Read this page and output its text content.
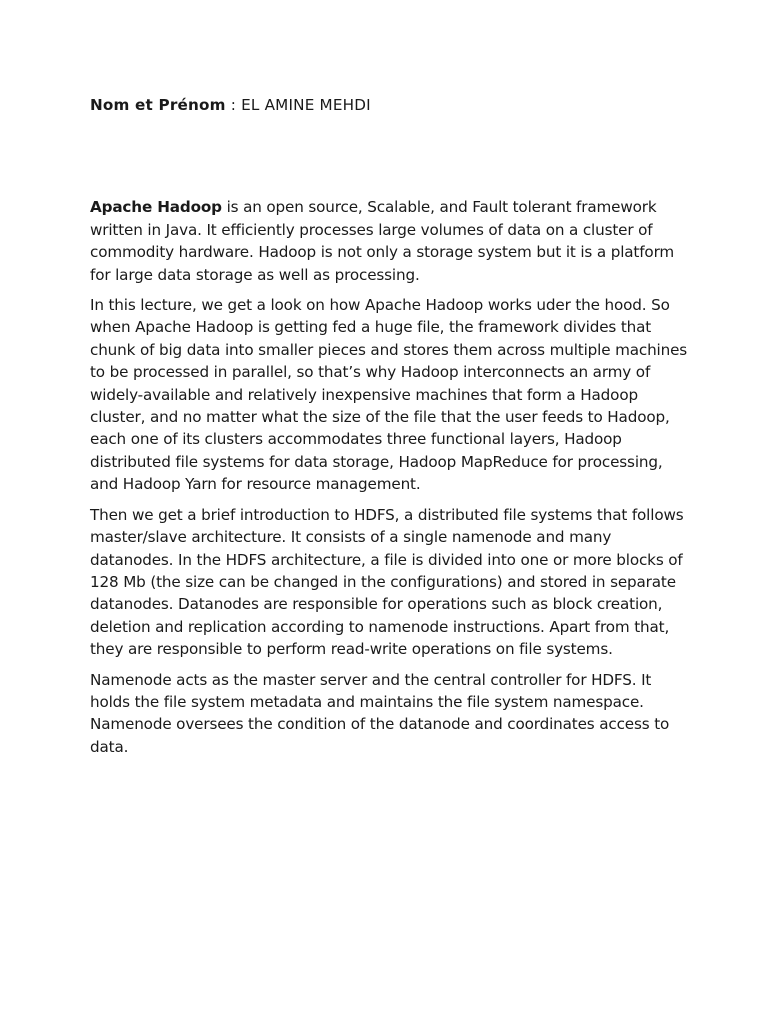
Nom et Prénom : EL AMINE MEHDI

Apache Hadoop is an open source, Scalable, and Fault tolerant framework written in Java. It efficiently processes large volumes of data on a cluster of commodity hardware. Hadoop is not only a storage system but it is a platform for large data storage as well as processing.

In this lecture, we get a look on how Apache Hadoop works uder the hood. So when Apache Hadoop is getting fed a huge file, the framework divides that chunk of big data into smaller pieces and stores them across multiple machines to be processed in parallel, so that’s why Hadoop interconnects an army of widely-available and relatively inexpensive machines that form a Hadoop cluster, and no matter what the size of the file that the user feeds to Hadoop, each one of its clusters accommodates three functional layers, Hadoop distributed file systems for data storage, Hadoop MapReduce for processing, and Hadoop Yarn for resource management.

Then we get a brief introduction to HDFS, a distributed file systems that follows master/slave architecture. It consists of a single namenode and many datanodes. In the HDFS architecture, a file is divided into one or more blocks of 128 Mb (the size can be changed in the configurations) and stored in separate datanodes. Datanodes are responsible for operations such as block creation, deletion and replication according to namenode instructions. Apart from that, they are responsible to perform read-write operations on file systems.

Namenode acts as the master server and the central controller for HDFS. It holds the file system metadata and maintains the file system namespace. Namenode oversees the condition of the datanode and coordinates access to data.
